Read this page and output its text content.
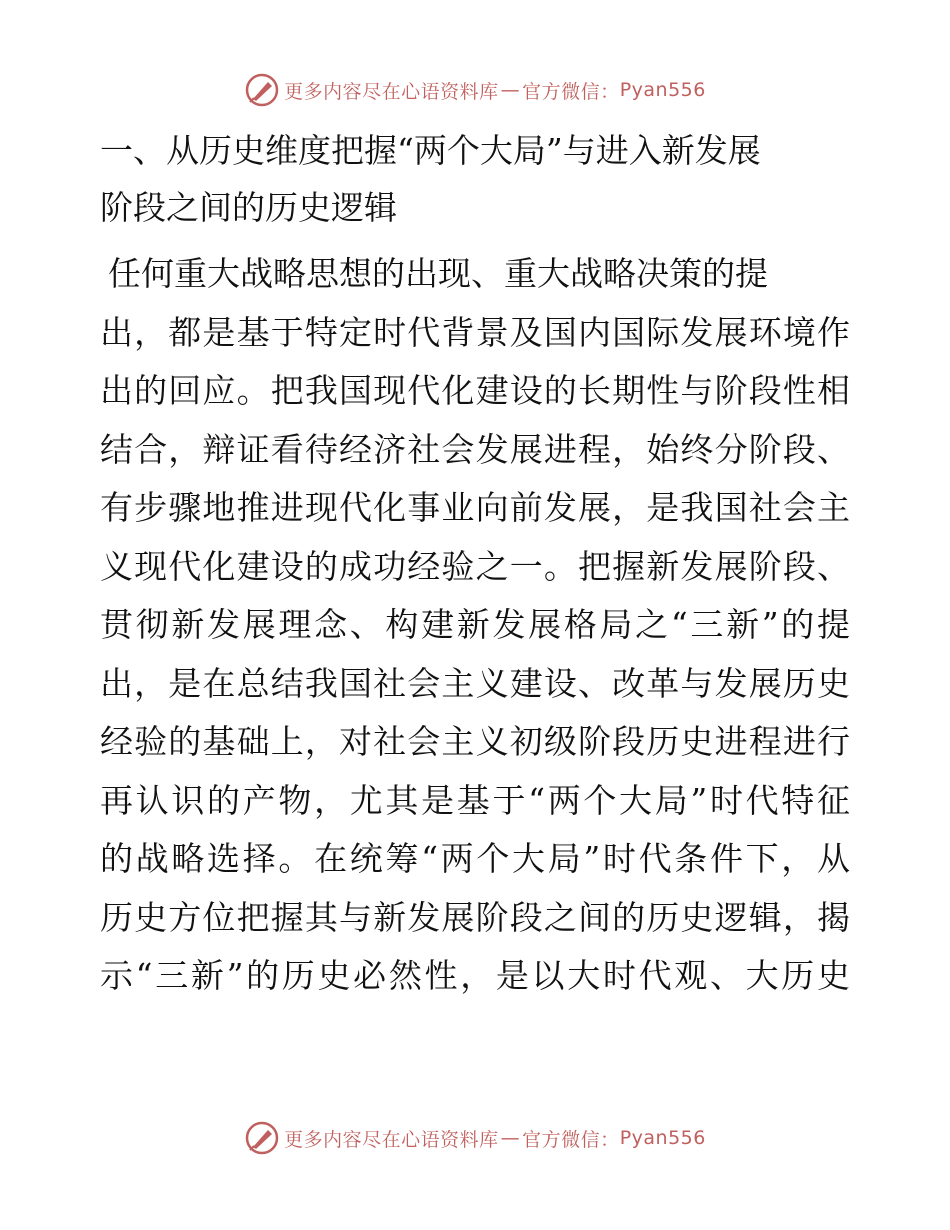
更多内容尽在心语资料库 — 官方微信： Pyan556
一、从历史维度把握“两个大局”与进入新发展
阶段之间的历史逻辑

任何重大战略思想的出现、重大战略决策的提
出，都是基于特定时代背景及国内国际发展环境作
出的回应。把我国现代化建设的长期性与阶段性相
结合，辩证看待经济社会发展进程，始终分阶段、
有步骤地推进现代化事业向前发展，是我国社会主
义现代化建设的成功经验之一。把握新发展阶段、
贯彻新发展理念、构建新发展格局之“三新”的提
出，是在总结我国社会主义建设、改革与发展历史
经验的基础上，对社会主义初级阶段历史进程进行
再认识的产物，尤其是基于“两个大局”时代特征
的战略选择。在统筹“两个大局”时代条件下，从
历史方位把握其与新发展阶段之间的历史逻辑，揭
示“三新”的历史必然性，是以大时代观、大历史

更多内容尽在心语资料库 — 官方微信： Pyan556
